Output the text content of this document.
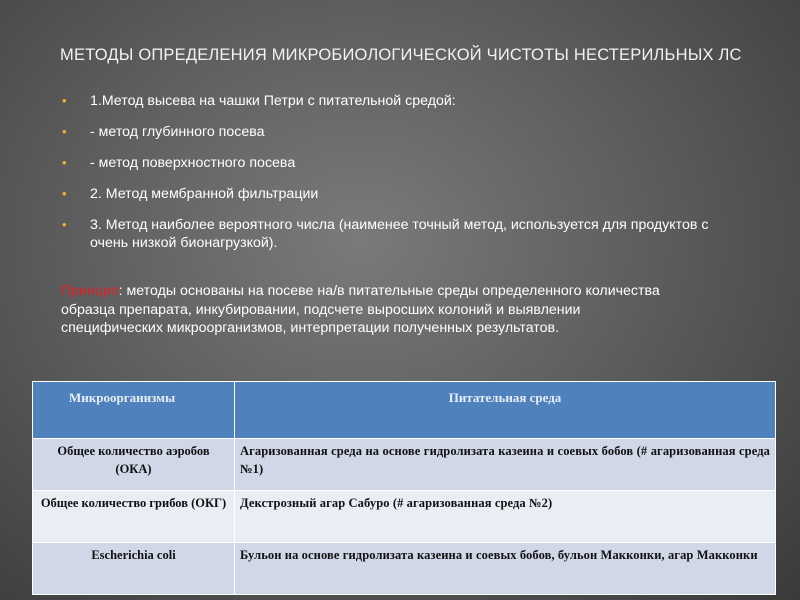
МЕТОДЫ ОПРЕДЕЛЕНИЯ МИКРОБИОЛОГИЧЕСКОЙ ЧИСТОТЫ НЕСТЕРИЛЬНЫХ ЛС
• 1.Метод высева на чашки Петри с питательной средой:
• - метод глубинного посева
• - метод поверхностного посева
• 2. Метод мембранной фильтрации
• 3. Метод наиболее вероятного числа (наименее точный метод, используется для продуктов с очень низкой бионагрузкой).
Принцип: методы основаны на посеве на/в питательные среды определенного количества образца препарата, инкубировании, подсчете выросших колоний и выявлении специфических микроорганизмов, интерпретации полученных результатов.
Микроорганизмы	Питательная среда
Общее количество аэробов (ОКА)	Агаризованная среда на основе гидролизата казеина и соевых бобов (# агаризованная среда №1)
Общее количество грибов (ОКГ)	Декстрозный агар Сабуро (# агаризованная среда №2)
Escherichia coli	Бульон на основе гидролизата казеина и соевых бобов, бульон Макконки, агар Макконки
